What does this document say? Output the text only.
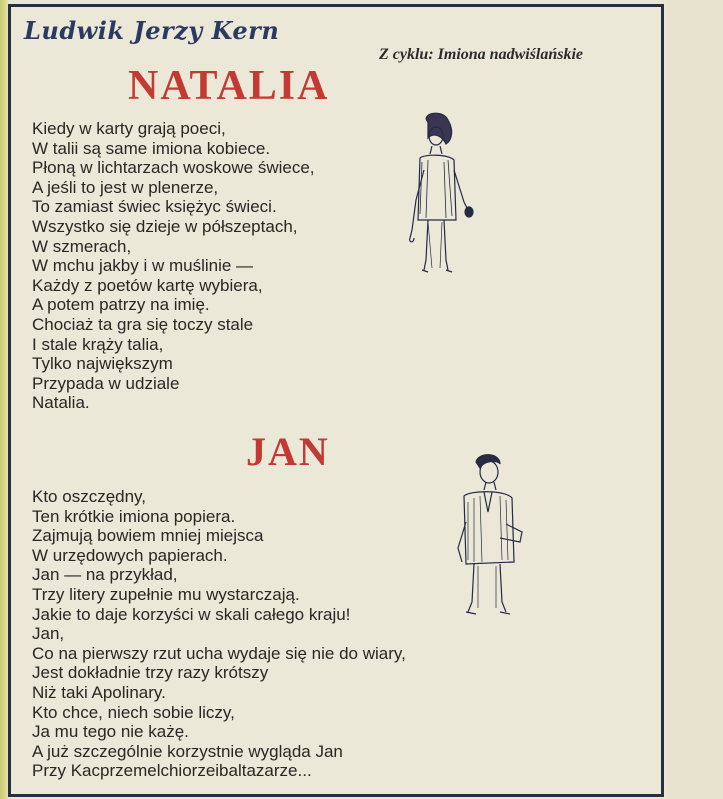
Ludwik Jerzy Kern

Z cyklu: Imiona nadwiślańskie

NATALIA
Kiedy w karty grają poeci,
W talii są same imiona kobiece.
Płoną w lichtarzach woskowe świece,
A jeśli to jest w plenerze,
To zamiast świec księżyc świeci.
Wszystko się dzieje w półszeptach,
W szmerach,
W mchu jakby i w muślinie —
Każdy z poetów kartę wybiera,
A potem patrzy na imię.
Chociaż ta gra się toczy stale
I stale krąży talia,
Tylko największym
Przypada w udziale
Natalia.
JAN
Kto oszczędny,
Ten krótkie imiona popiera.
Zajmują bowiem mniej miejsca
W urzędowych papierach.
Jan — na przykład,
Trzy litery zupełnie mu wystarczają.
Jakie to daje korzyści w skali całego kraju!
Jan,
Co na pierwszy rzut ucha wydaje się nie do wiary,
Jest dokładnie trzy razy krótszy
Niż taki Apolinary.
Kto chce, niech sobie liczy,
Ja mu tego nie każę.
A już szczególnie korzystnie wygląda Jan
Przy Kacprzemelchiorzeibaltazarze...
